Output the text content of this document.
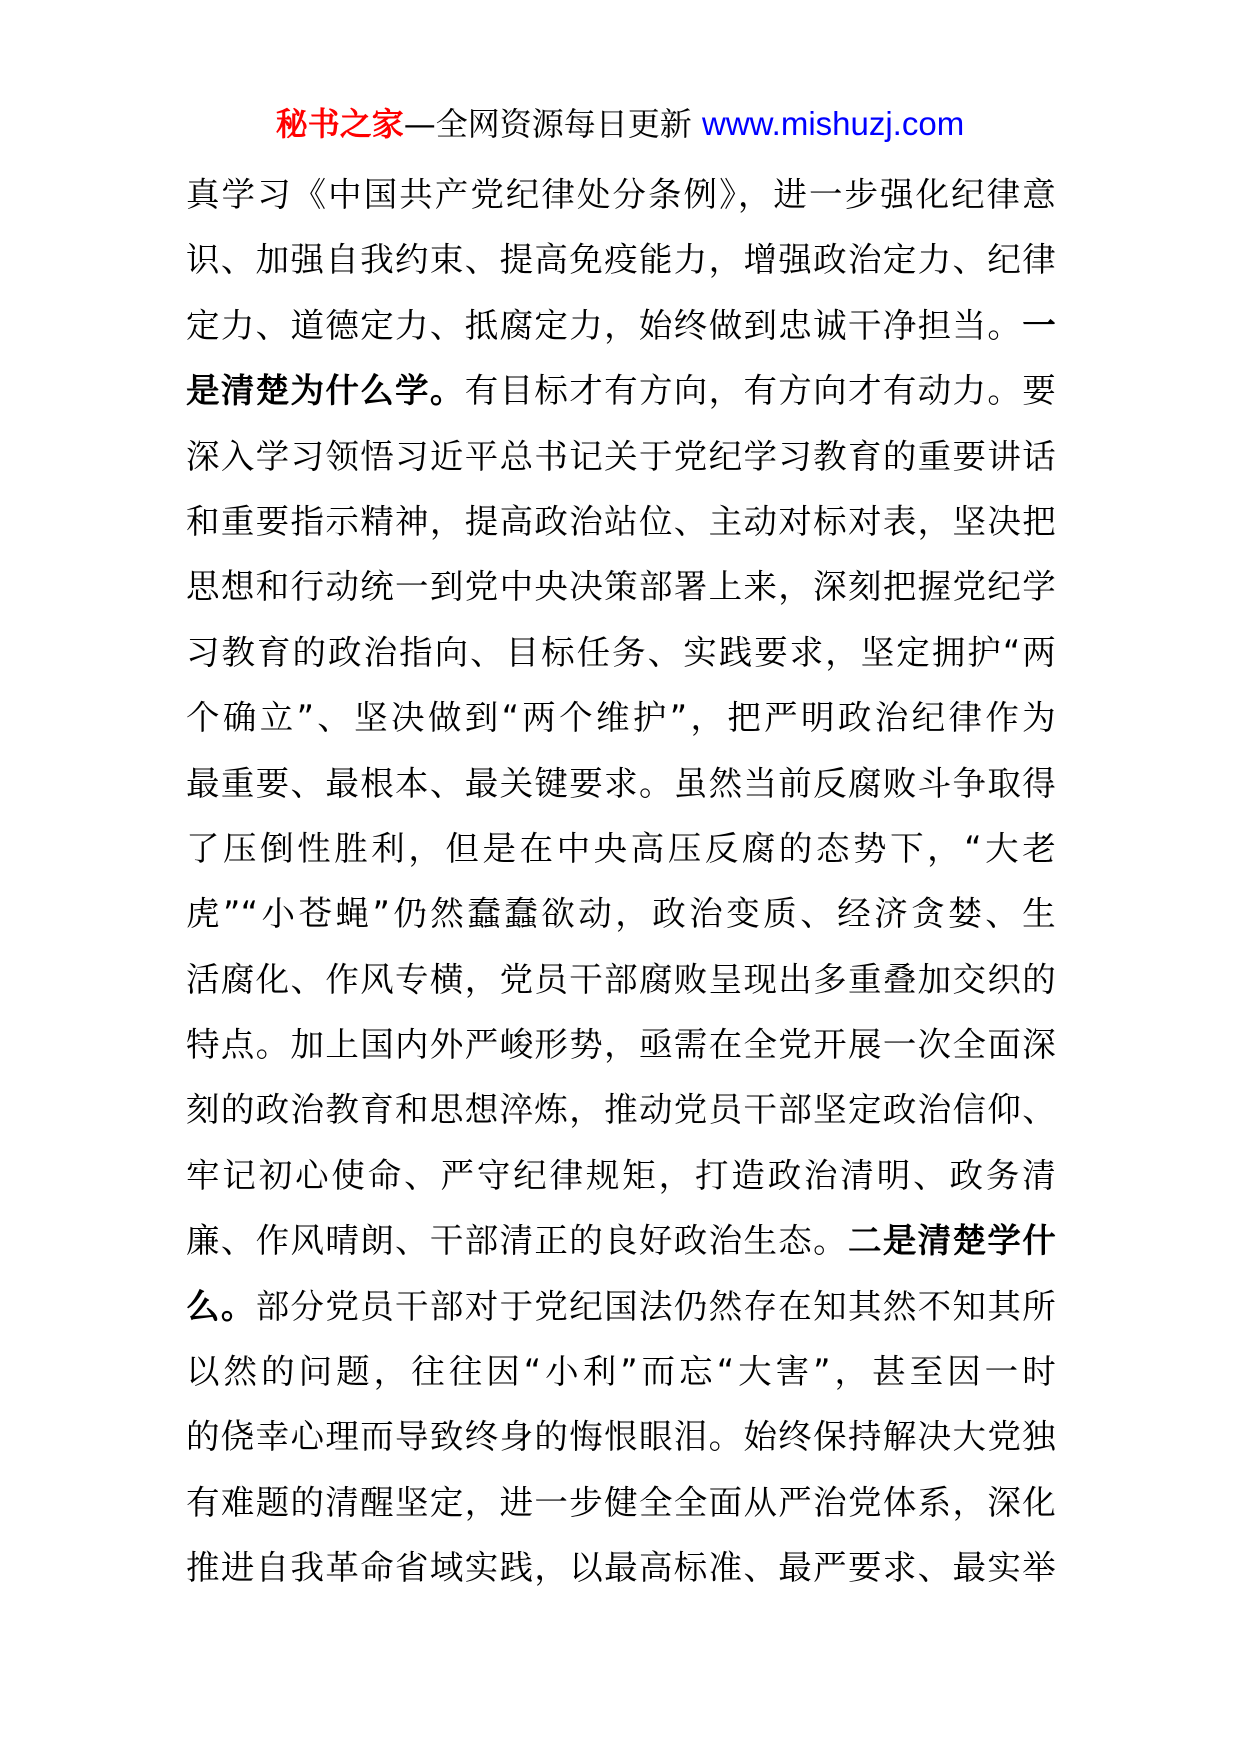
秘书之家—全网资源每日更新 www.mishuzj.com
真学习《中国共产党纪律处分条例》，进一步强化纪律意
识、加强自我约束、提高免疫能力，增强政治定力、纪律
定力、道德定力、抵腐定力，始终做到忠诚干净担当。一
是清楚为什么学。有目标才有方向，有方向才有动力。要
深入学习领悟习近平总书记关于党纪学习教育的重要讲话
和重要指示精神，提高政治站位、主动对标对表，坚决把
思想和行动统一到党中央决策部署上来，深刻把握党纪学
习教育的政治指向、目标任务、实践要求，坚定拥护“两
个确立”、坚决做到“两个维护”，把严明政治纪律作为
最重要、最根本、最关键要求。虽然当前反腐败斗争取得
了压倒性胜利，但是在中央高压反腐的态势下，“大老
虎”“小苍蝇”仍然蠢蠢欲动，政治变质、经济贪婪、生
活腐化、作风专横，党员干部腐败呈现出多重叠加交织的
特点。加上国内外严峻形势，亟需在全党开展一次全面深
刻的政治教育和思想淬炼，推动党员干部坚定政治信仰、
牢记初心使命、严守纪律规矩，打造政治清明、政务清
廉、作风晴朗、干部清正的良好政治生态。二是清楚学什
么。部分党员干部对于党纪国法仍然存在知其然不知其所
以然的问题，往往因“小利”而忘“大害”，甚至因一时
的侥幸心理而导致终身的悔恨眼泪。始终保持解决大党独
有难题的清醒坚定，进一步健全全面从严治党体系，深化
推进自我革命省域实践，以最高标准、最严要求、最实举
